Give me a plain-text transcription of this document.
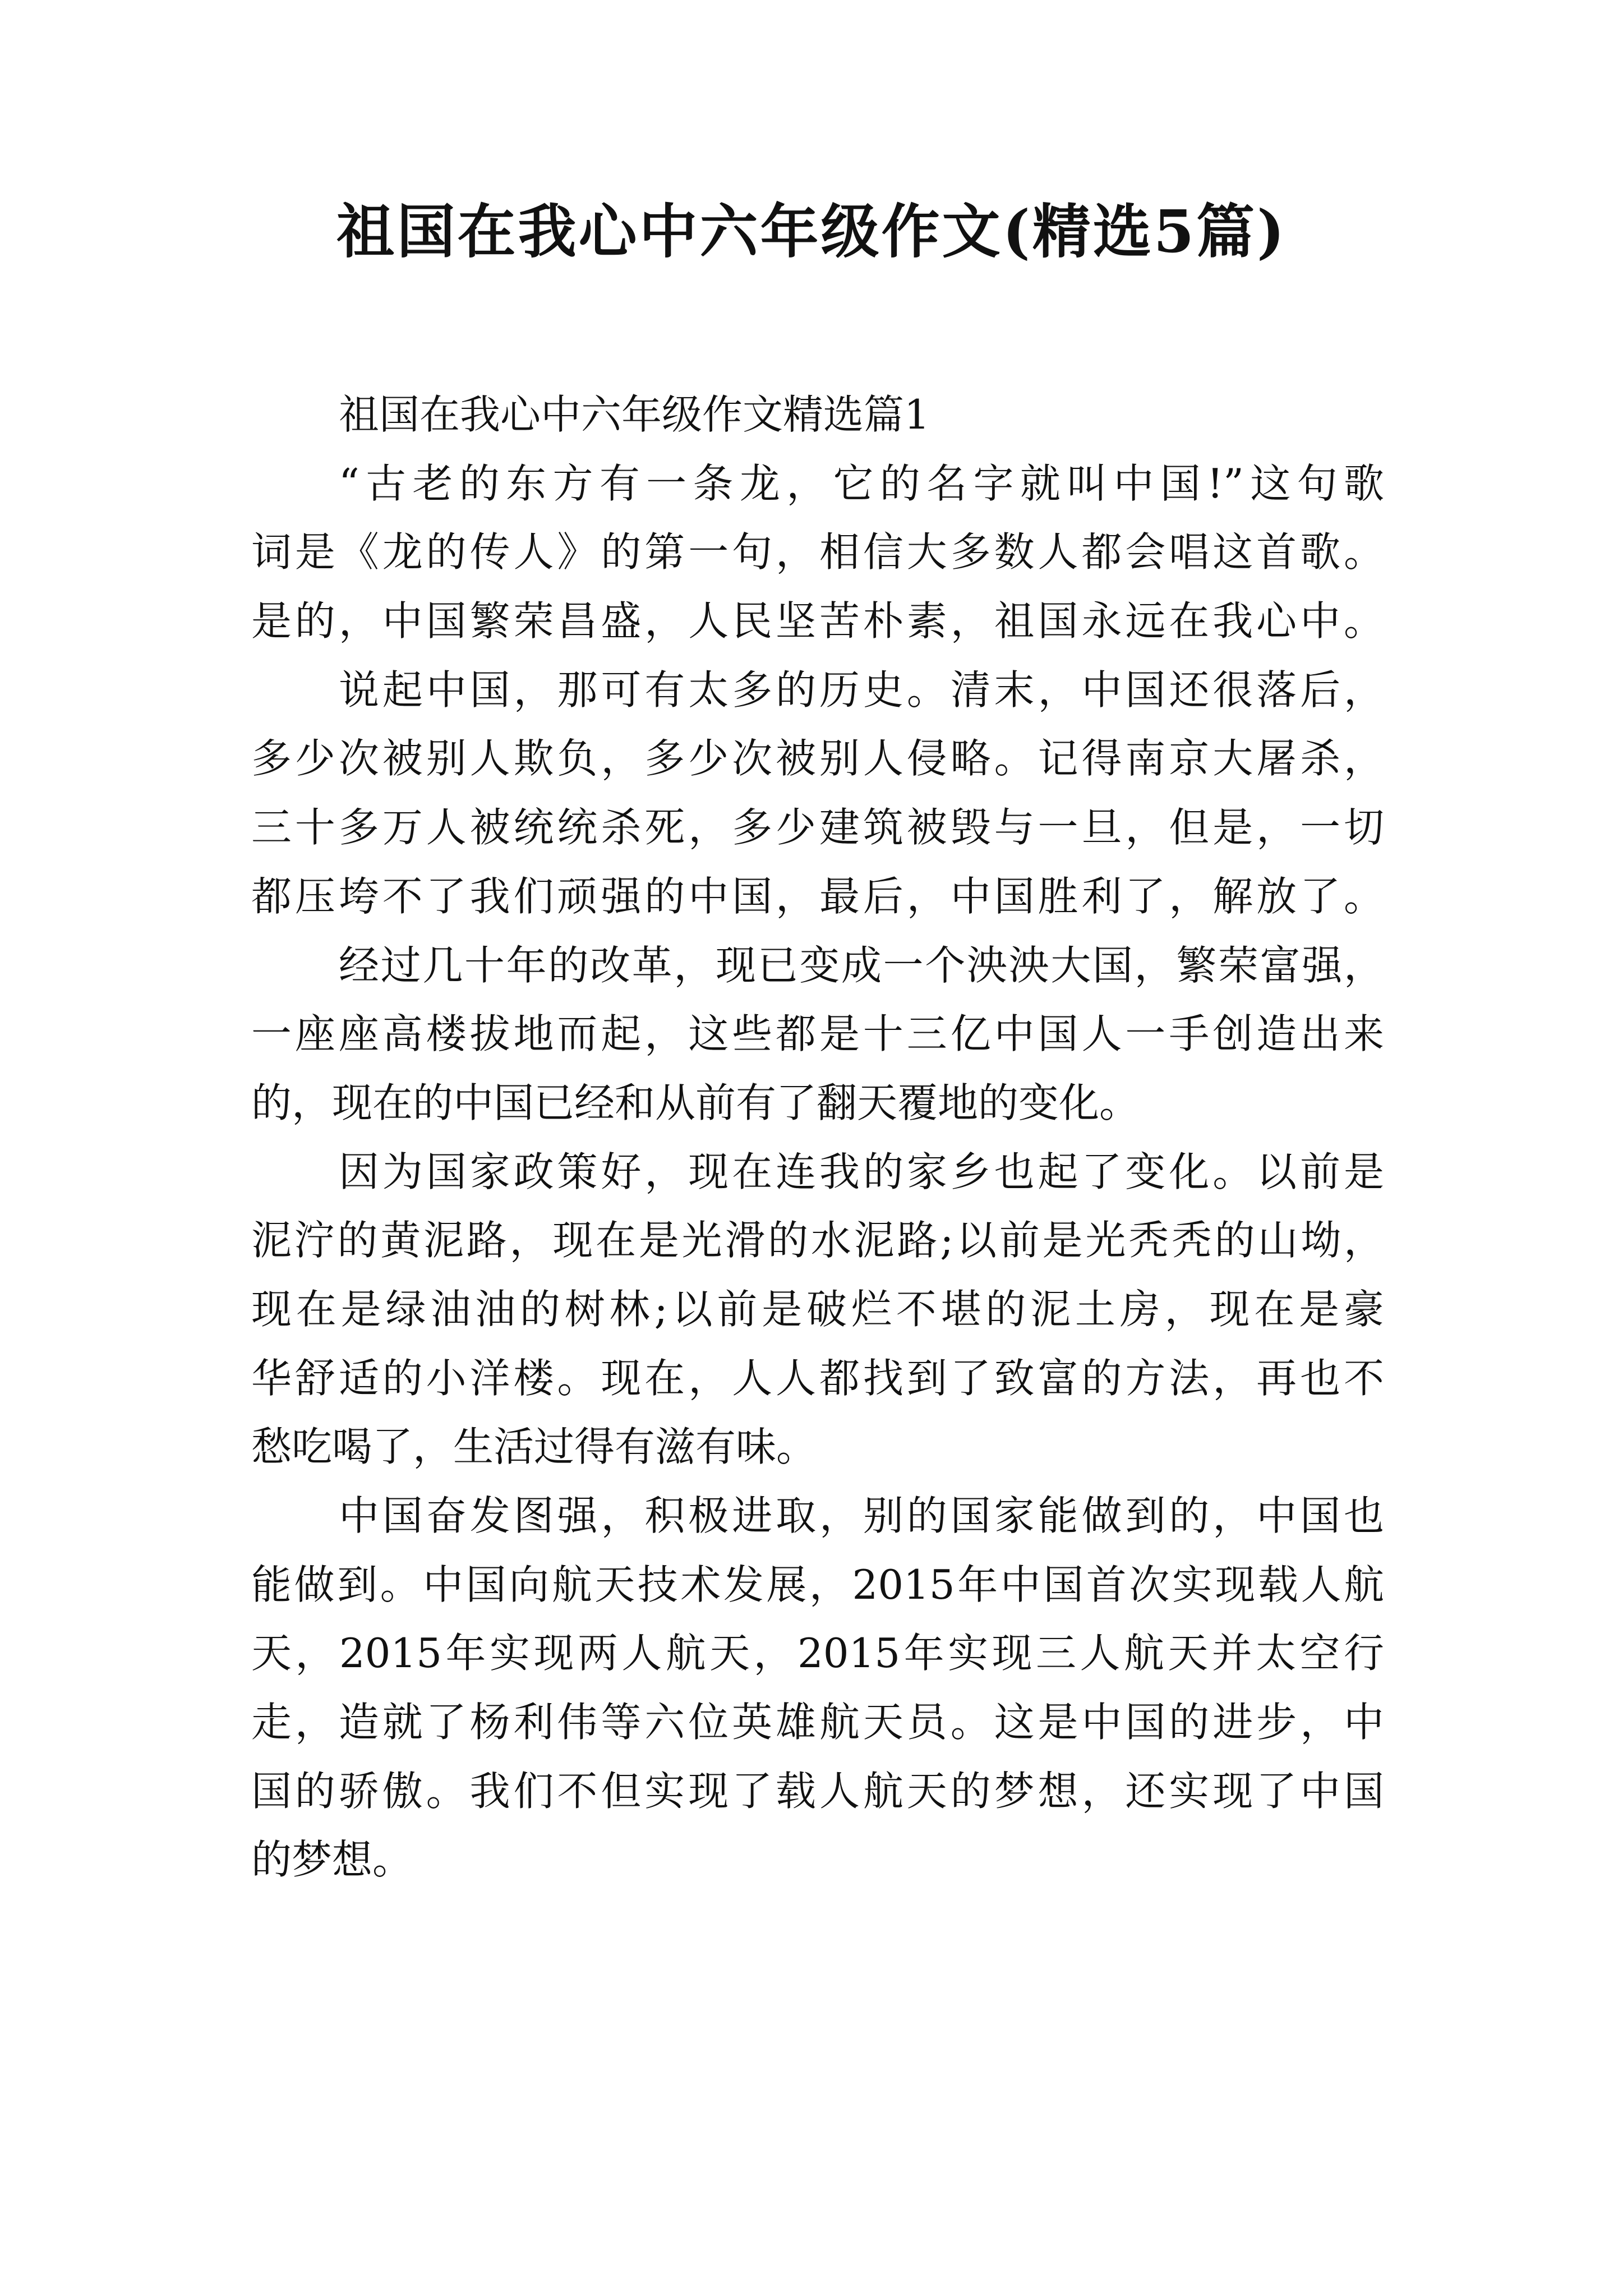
祖国在我心中六年级作文(精选5篇)
祖国在我心中六年级作文精选篇1
“古老的东方有一条龙，它的名字就叫中国!”这句歌
词是《龙的传人》的第一句，相信大多数人都会唱这首歌。
是的，中国繁荣昌盛，人民坚苦朴素，祖国永远在我心中。
说起中国，那可有太多的历史。清末，中国还很落后，
多少次被别人欺负，多少次被别人侵略。记得南京大屠杀，
三十多万人被统统杀死，多少建筑被毁与一旦，但是，一切
都压垮不了我们顽强的中国，最后，中国胜利了，解放了。
经过几十年的改革，现已变成一个泱泱大国，繁荣富强，
一座座高楼拔地而起，这些都是十三亿中国人一手创造出来
的，现在的中国已经和从前有了翻天覆地的变化。
因为国家政策好，现在连我的家乡也起了变化。以前是
泥泞的黄泥路，现在是光滑的水泥路;以前是光秃秃的山坳，
现在是绿油油的树林;以前是破烂不堪的泥土房，现在是豪
华舒适的小洋楼。现在，人人都找到了致富的方法，再也不
愁吃喝了，生活过得有滋有味。
中国奋发图强，积极进取，别的国家能做到的，中国也
能做到。中国向航天技术发展，2015年中国首次实现载人航
天，2015年实现两人航天，2015年实现三人航天并太空行
走，造就了杨利伟等六位英雄航天员。这是中国的进步，中
国的骄傲。我们不但实现了载人航天的梦想，还实现了中国
的梦想。
